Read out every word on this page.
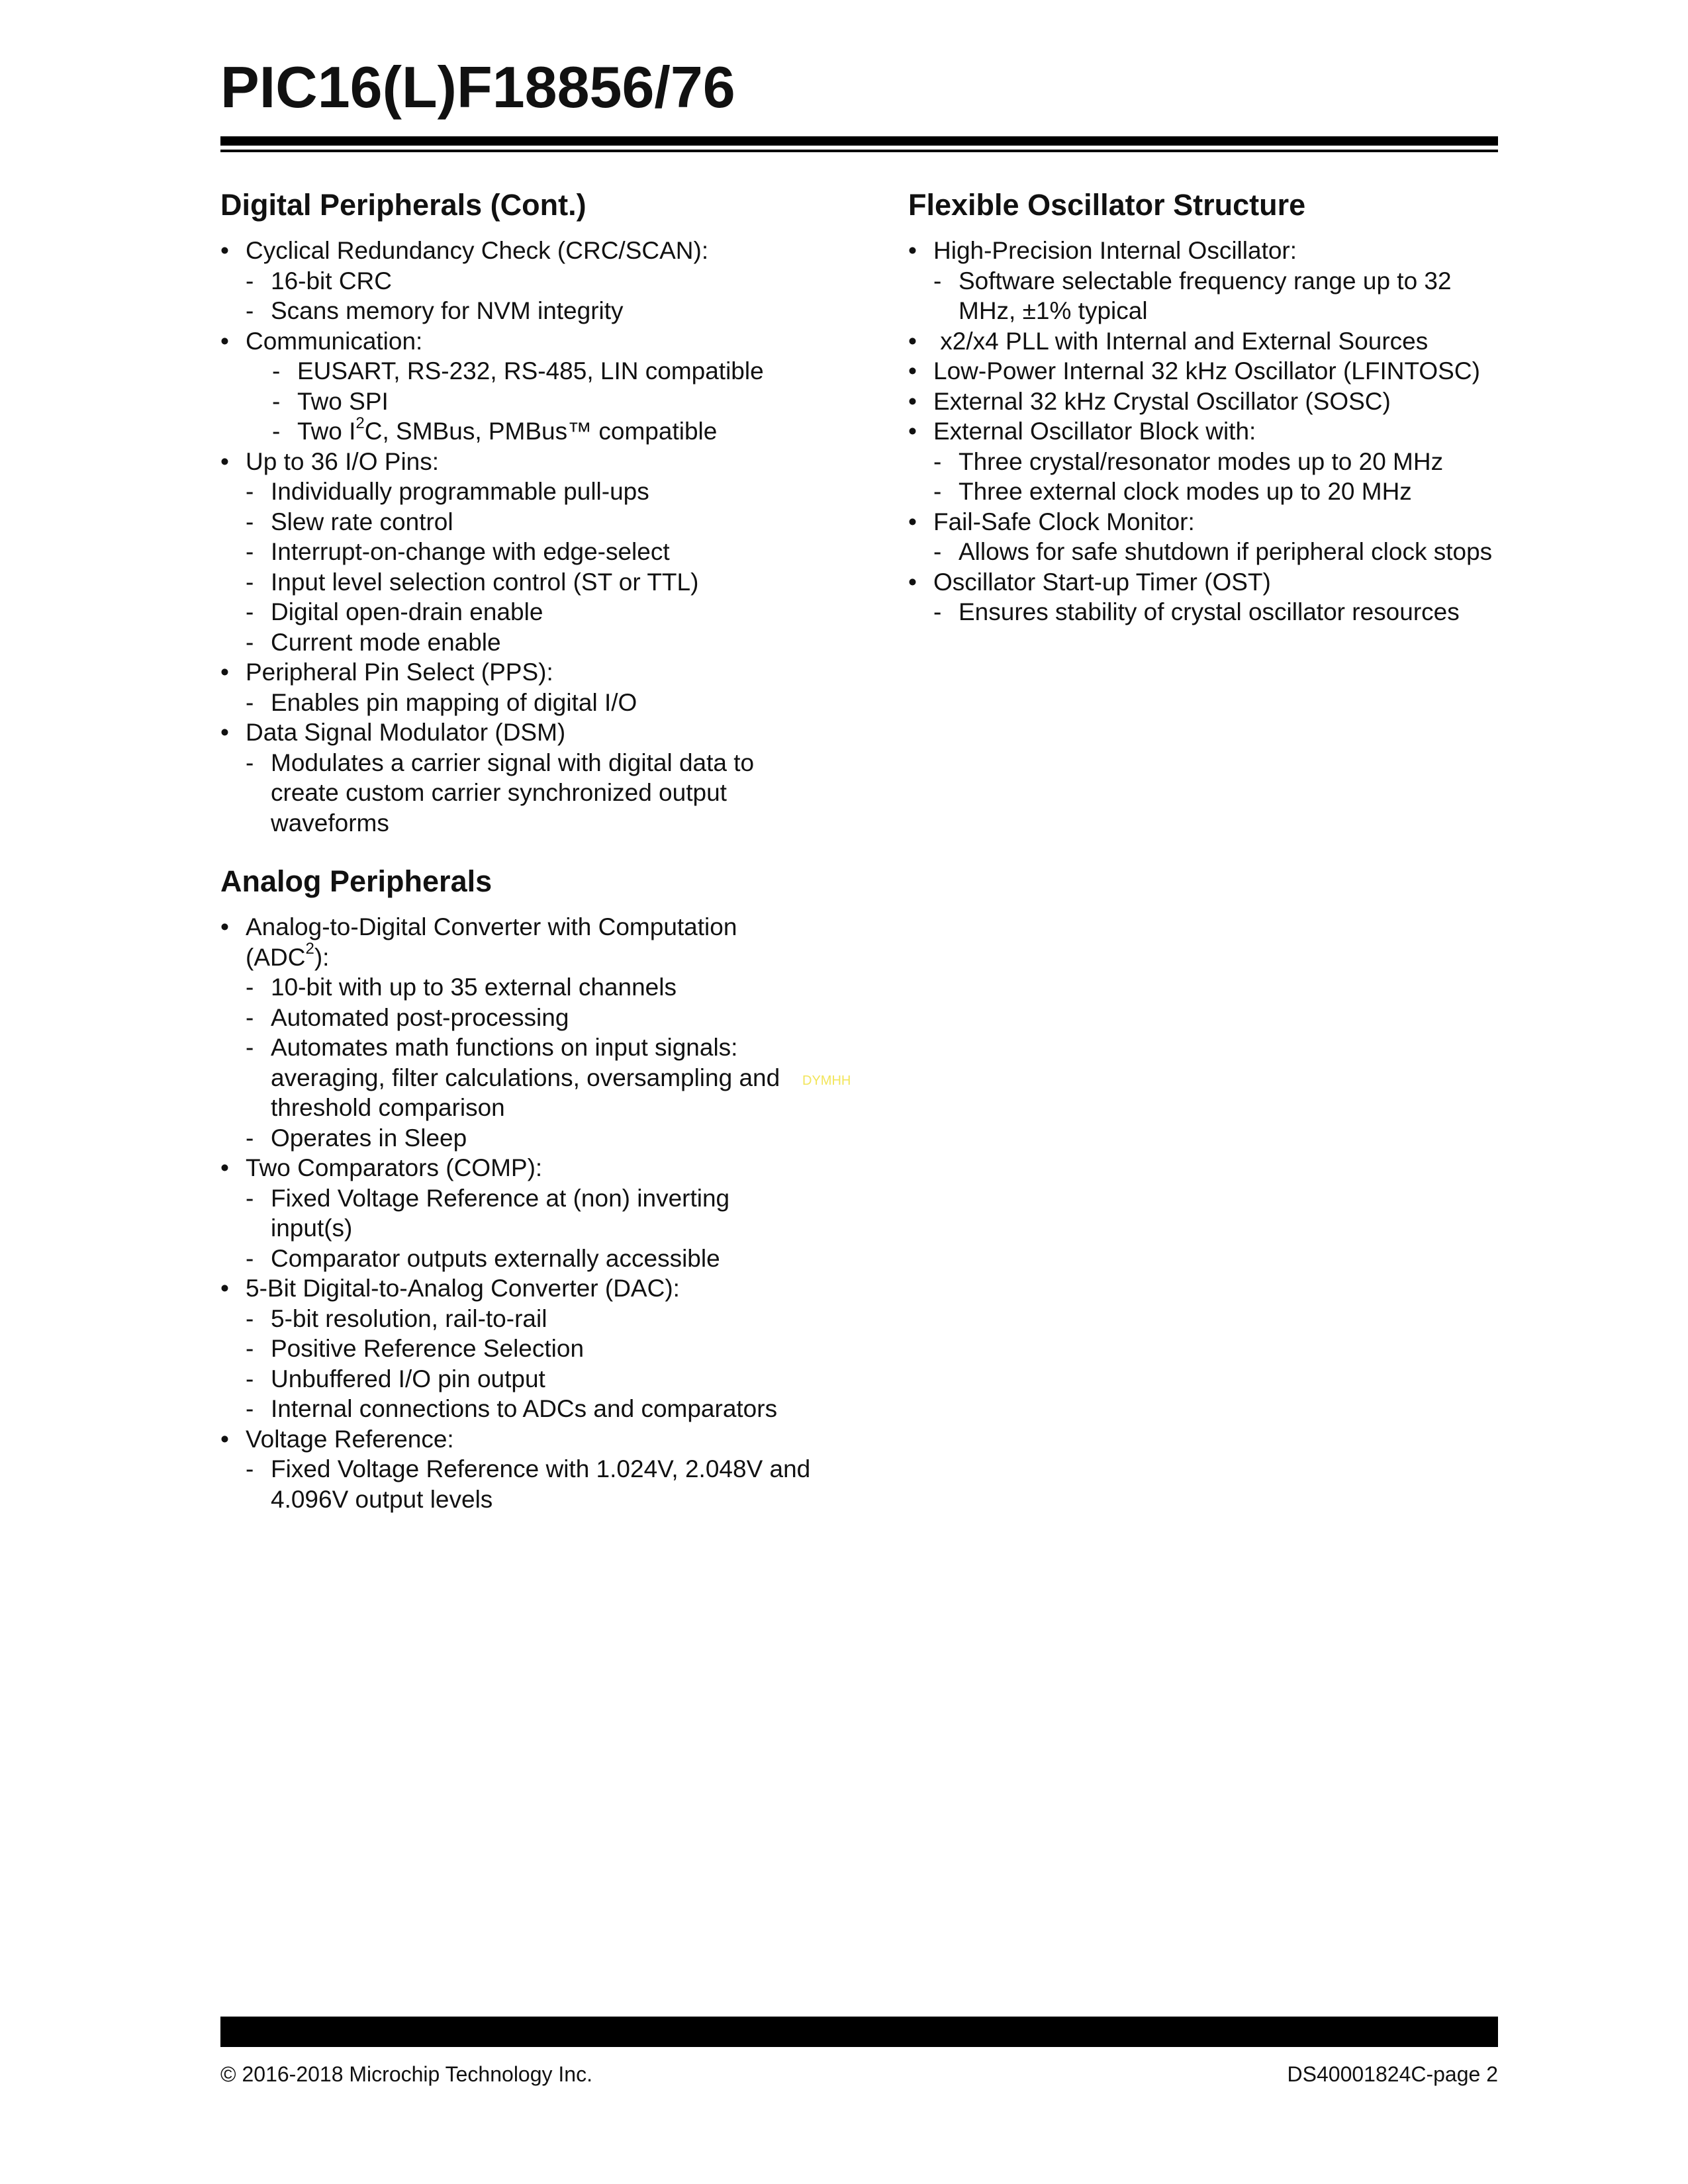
PIC16(L)F18856/76
Digital Peripherals (Cont.)
• Cyclical Redundancy Check (CRC/SCAN):
- 16-bit CRC
- Scans memory for NVM integrity
• Communication:
- EUSART, RS-232, RS-485, LIN compatible
- Two SPI
- Two $I^2C$, SMBus, PMBus™ compatible
• Up to 36 I/O Pins:
- Individually programmable pull-ups
- Slew rate control
- Interrupt-on-change with edge-select
- Input level selection control (ST or TTL)
- Digital open-drain enable
- Current mode enable
• Peripheral Pin Select (PPS):
- Enables pin mapping of digital I/O
• Data Signal Modulator (DSM)
- Modulates a carrier signal with digital data to create custom carrier synchronized output waveforms
Analog Peripherals
• Analog-to-Digital Converter with Computation (ADC$^2$):
- 10-bit with up to 35 external channels
- Automated post-processing
- Automates math functions on input signals: averaging, filter calculations, oversampling and threshold comparison
- Operates in Sleep
• Two Comparators (COMP):
- Fixed Voltage Reference at (non) inverting input(s)
- Comparator outputs externally accessible
• 5-Bit Digital-to-Analog Converter (DAC):
- 5-bit resolution, rail-to-rail
- Positive Reference Selection
- Unbuffered I/O pin output
- Internal connections to ADCs and comparators
• Voltage Reference:
- Fixed Voltage Reference with 1.024V, 2.048V and 4.096V output levels
Flexible Oscillator Structure
• High-Precision Internal Oscillator:
- Software selectable frequency range up to 32 MHz, ±1% typical
• x2/x4 PLL with Internal and External Sources
• Low-Power Internal 32 kHz Oscillator (LFINTOSC)
• External 32 kHz Crystal Oscillator (SOSC)
• External Oscillator Block with:
- Three crystal/resonator modes up to 20 MHz
- Three external clock modes up to 20 MHz
• Fail-Safe Clock Monitor:
- Allows for safe shutdown if peripheral clock stops
• Oscillator Start-up Timer (OST)
- Ensures stability of crystal oscillator resources
DYMHH
© 2016-2018 Microchip Technology Inc.	DS40001824C-page 2
